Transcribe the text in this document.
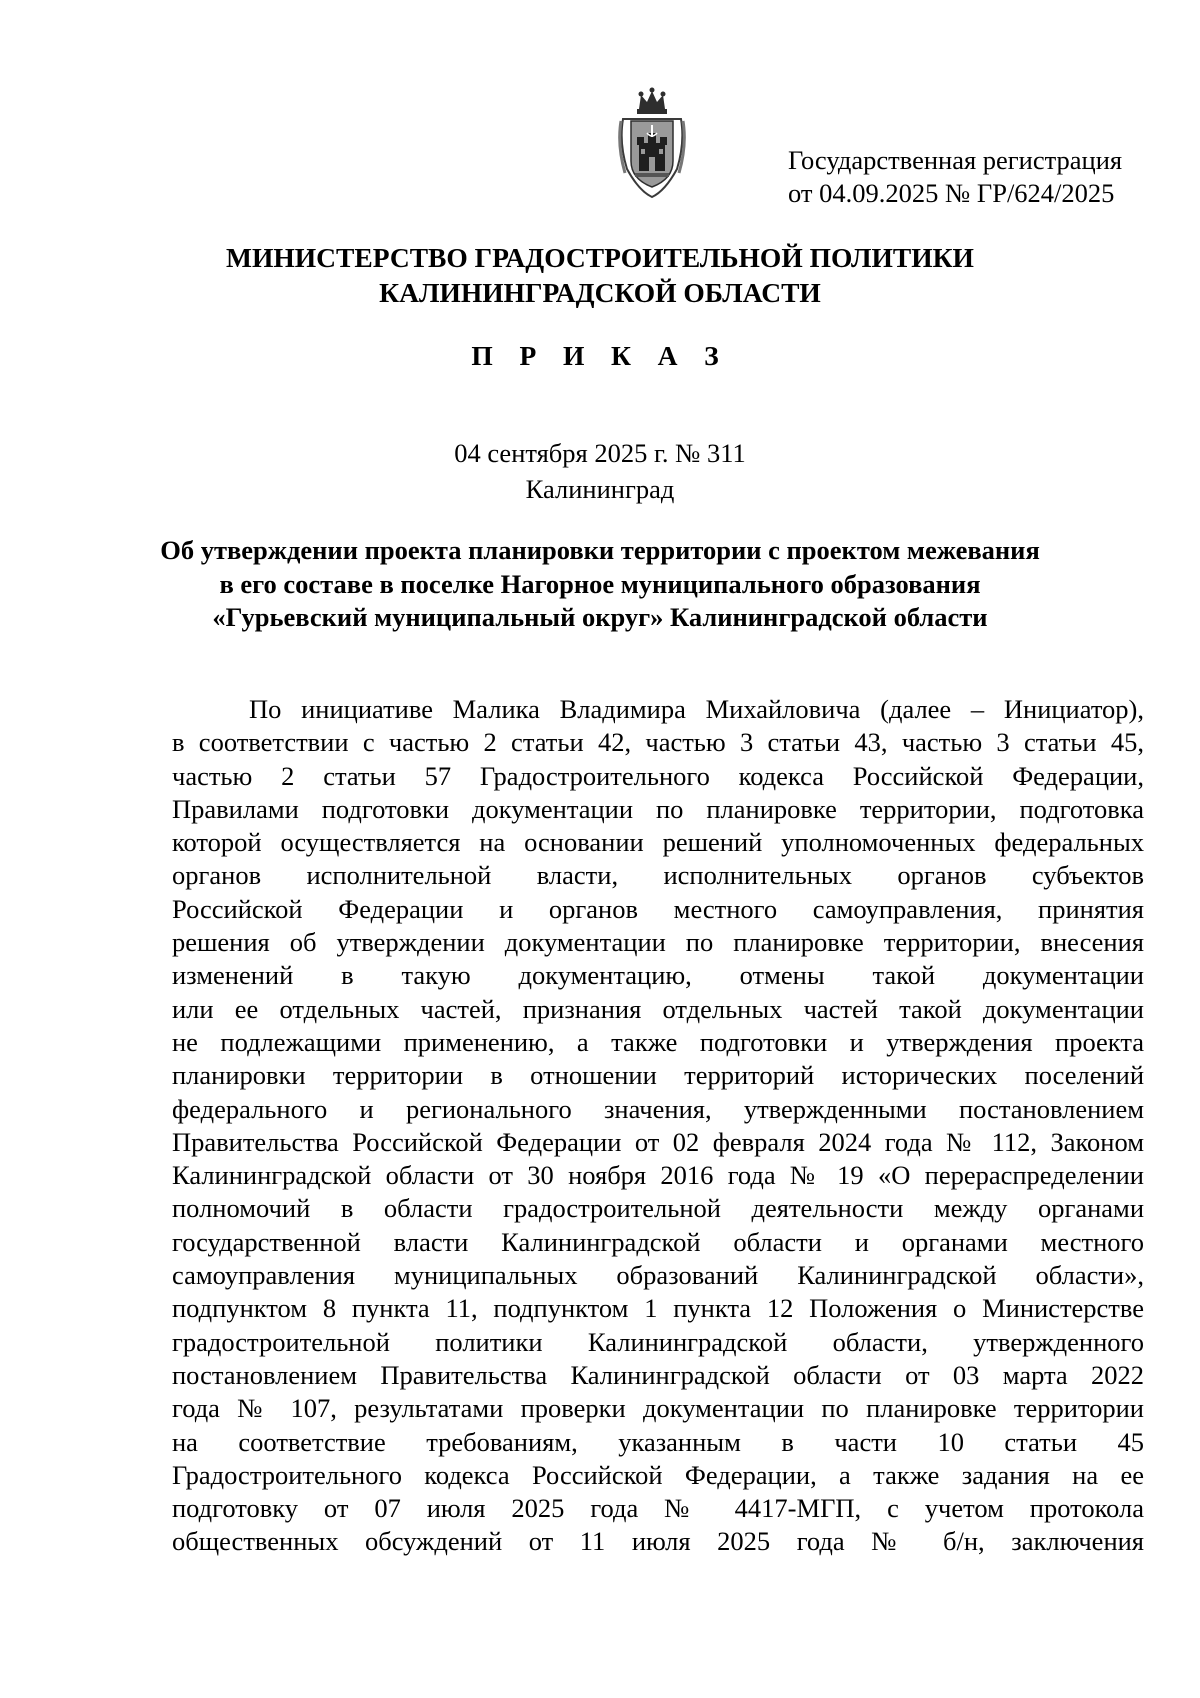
Государственная регистрация
от 04.09.2025 № ГР/624/2025
МИНИСТЕРСТВО ГРАДОСТРОИТЕЛЬНОЙ ПОЛИТИКИ
КАЛИНИНГРАДСКОЙ ОБЛАСТИ
П Р И К А З
04 сентября 2025 г. № 311
Калининград
Об утверждении проекта планировки территории с проектом межевания
в его составе в поселке Нагорное муниципального образования
«Гурьевский муниципальный округ» Калининградской области
По инициативе Малика Владимира Михайловича (далее – Инициатор),
в соответствии с частью 2 статьи 42, частью 3 статьи 43, частью 3 статьи 45,
частью 2 статьи 57 Градостроительного кодекса Российской Федерации,
Правилами подготовки документации по планировке территории, подготовка
которой осуществляется на основании решений уполномоченных федеральных
органов исполнительной власти, исполнительных органов субъектов
Российской Федерации и органов местного самоуправления, принятия
решения об утверждении документации по планировке территории, внесения
изменений в такую документацию, отмены такой документации
или ее отдельных частей, признания отдельных частей такой документации
не подлежащими применению, а также подготовки и утверждения проекта
планировки территории в отношении территорий исторических поселений
федерального и регионального значения, утвержденными постановлением
Правительства Российской Федерации от 02 февраля 2024 года № 112, Законом
Калининградской области от 30 ноября 2016 года № 19 «О перераспределении
полномочий в области градостроительной деятельности между органами
государственной власти Калининградской области и органами местного
самоуправления муниципальных образований Калининградской области»,
подпунктом 8 пункта 11, подпунктом 1 пункта 12 Положения о Министерстве
градостроительной политики Калининградской области, утвержденного
постановлением Правительства Калининградской области от 03 марта 2022
года № 107, результатами проверки документации по планировке территории
на соответствие требованиям, указанным в части 10 статьи 45
Градостроительного кодекса Российской Федерации, а также задания на ее
подготовку от 07 июля 2025 года № 4417-МГП, с учетом протокола
общественных обсуждений от 11 июля 2025 года № б/н, заключения
